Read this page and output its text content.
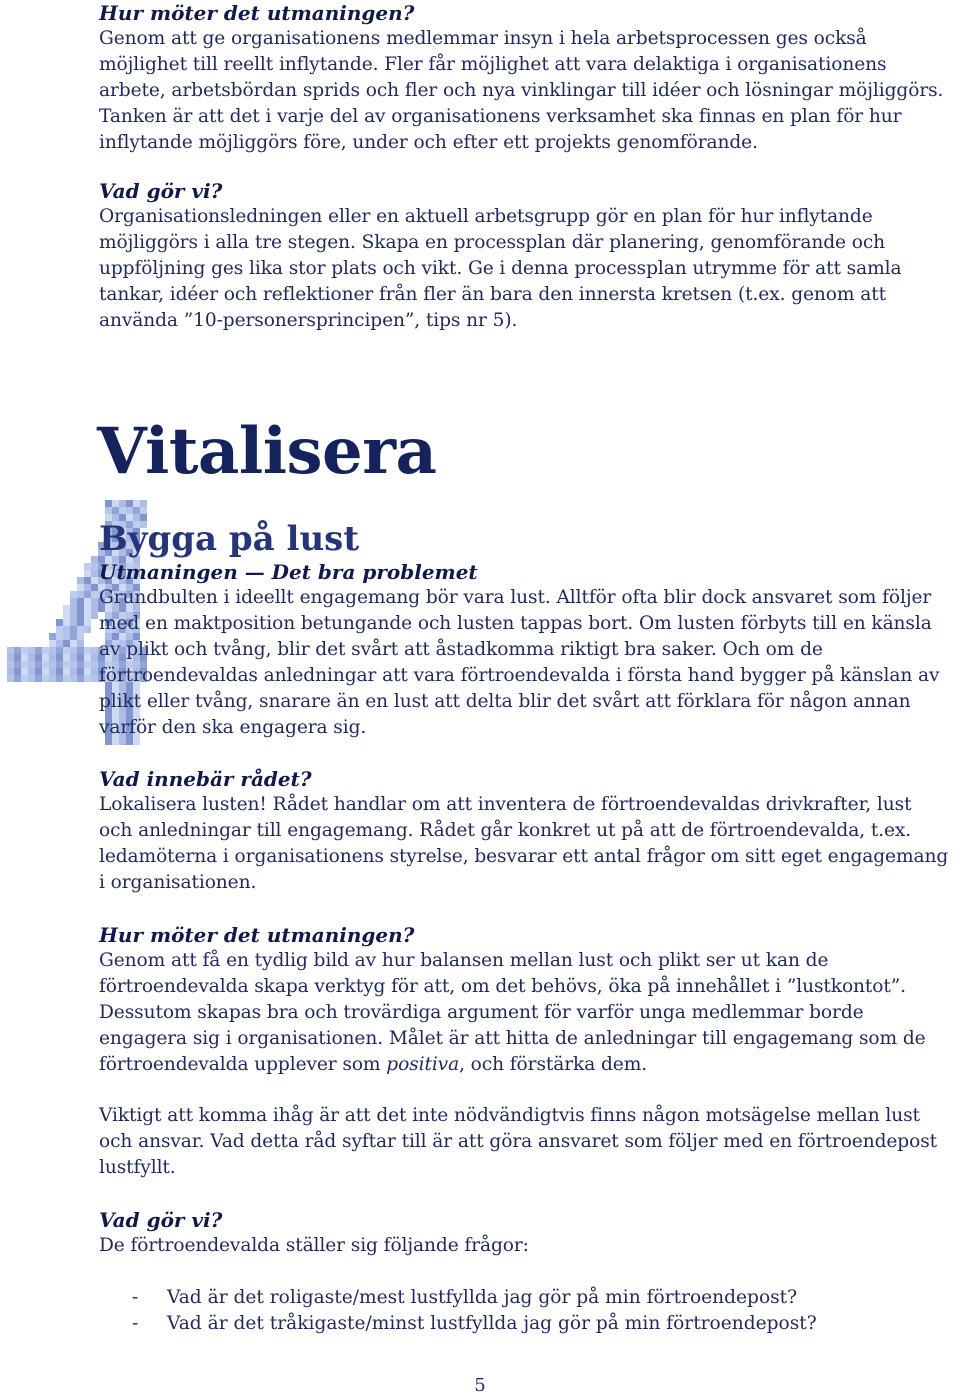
Hur möter det utmaningen?

Genom att ge organisationens medlemmar insyn i hela arbetsprocessen ges också möjlighet till reellt inflytande. Fler får möjlighet att vara delaktiga i organisationens arbete, arbetsbördan sprids och fler och nya vinklingar till idéer och lösningar möjliggörs. Tanken är att det i varje del av organisationens verksamhet ska finnas en plan för hur inflytande möjliggörs före, under och efter ett projekts genomförande.

Vad gör vi?

Organisationsledningen eller en aktuell arbetsgrupp gör en plan för hur inflytande möjliggörs i alla tre stegen. Skapa en processplan där planering, genomförande och uppföljning ges lika stor plats och vikt. Ge i denna processplan utrymme för att samla tankar, idéer och reflektioner från fler än bara den innersta kretsen (t.ex. genom att använda ”10-personersprincipen”, tips nr 5).

Vitalisera
Bygga på lust

Utmaningen — Det bra problemet

Grundbulten i ideellt engagemang bör vara lust. Alltför ofta blir dock ansvaret som följer med en maktposition betungande och lusten tappas bort. Om lusten förbyts till en känsla av plikt och tvång, blir det svårt att åstadkomma riktigt bra saker. Och om de förtroendevaldas anledningar att vara förtroendevalda i första hand bygger på känslan av plikt eller tvång, snarare än en lust att delta blir det svårt att förklara för någon annan varför den ska engagera sig.

Vad innebär rådet?

Lokalisera lusten! Rådet handlar om att inventera de förtroendevaldas drivkrafter, lust och anledningar till engagemang. Rådet går konkret ut på att de förtroendevalda, t.ex. ledamöterna i organisationens styrelse, besvarar ett antal frågor om sitt eget engagemang i organisationen.

Hur möter det utmaningen?

Genom att få en tydlig bild av hur balansen mellan lust och plikt ser ut kan de förtroendevalda skapa verktyg för att, om det behövs, öka på innehållet i ”lustkontot”. Dessutom skapas bra och trovärdiga argument för varför unga medlemmar borde engagera sig i organisationen. Målet är att hitta de anledningar till engagemang som de förtroendevalda upplever som positiva, och förstärka dem.

Viktigt att komma ihåg är att det inte nödvändigtvis finns någon motsägelse mellan lust och ansvar. Vad detta råd syftar till är att göra ansvaret som följer med en förtroendepost lustfyllt.

Vad gör vi?

De förtroendevalda ställer sig följande frågor:

-	Vad är det roligaste/mest lustfyllda jag gör på min förtroendepost?
-	Vad är det tråkigaste/minst lustfyllda jag gör på min förtroendepost?
5
